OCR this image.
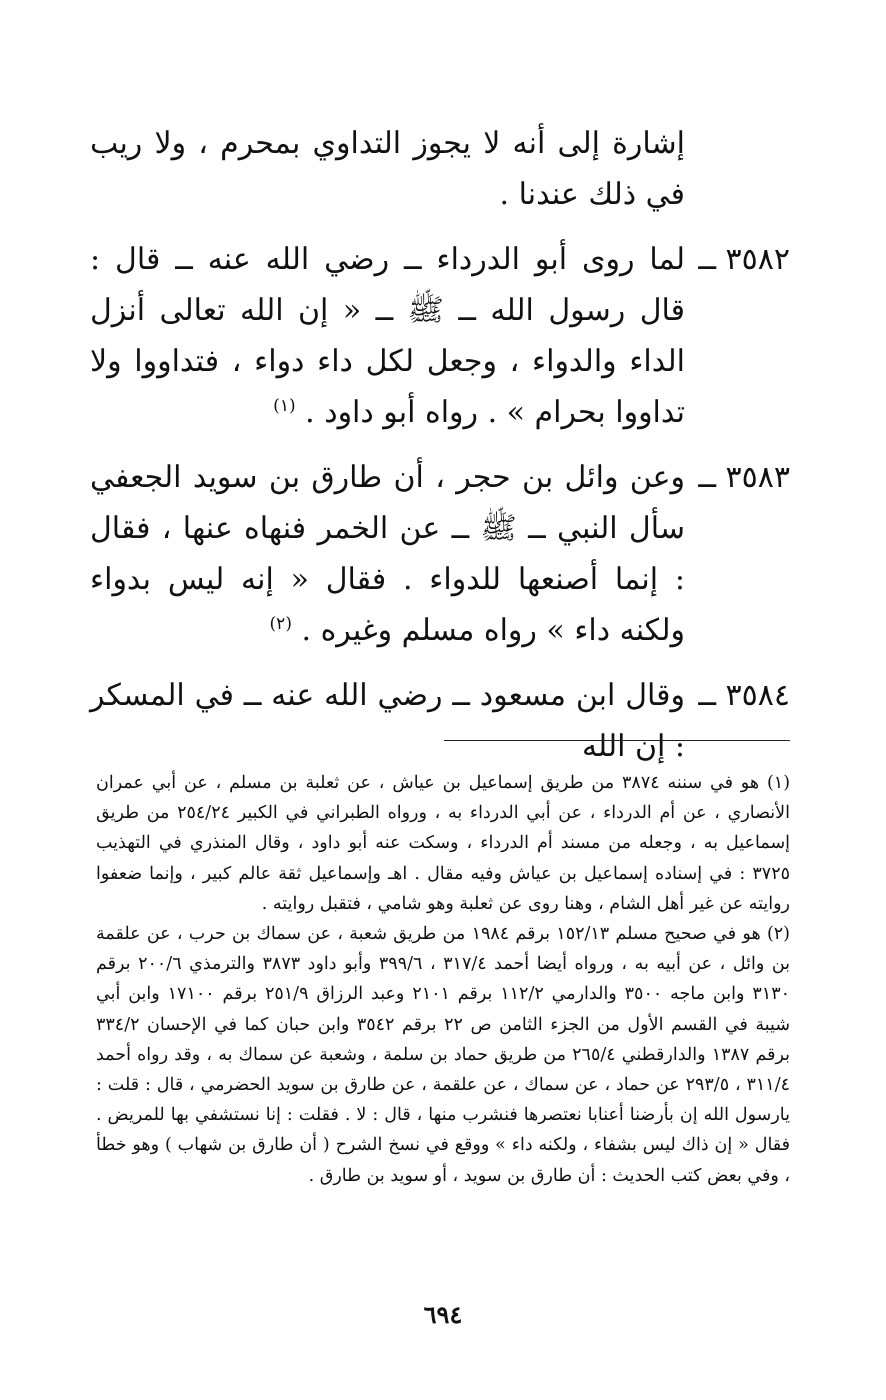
إشارة إلى أنه لا يجوز التداوي بمحرم ، ولا ريب في ذلك عندنا .

٣٥٨٢ ــ
لما روى أبو الدرداء ــ رضي الله عنه ــ قال : قال رسول الله ــ ﷺ ــ « إن الله تعالى أنزل الداء والدواء ، وجعل لكل داء دواء ، فتداووا ولا تداووا بحرام » . رواه أبو داود . $^{(١)}$

٣٥٨٣ ــ
وعن وائل بن حجر ، أن طارق بن سويد الجعفي سأل النبي ــ ﷺ ــ عن الخمر فنهاه عنها ، فقال : إنما أصنعها للدواء . فقال « إنه ليس بدواء ولكنه داء » رواه مسلم وغيره . $^{(٢)}$

٣٥٨٤ ــ
وقال ابن مسعود ــ رضي الله عنه ــ في المسكر : إن الله

(١) هو في سننه ٣٨٧٤ من طريق إسماعيل بن عياش ، عن ثعلبة بن مسلم ، عن أبي عمران الأنصاري ، عن أم الدرداء ، عن أبي الدرداء به ، ورواه الطبراني في الكبير ٢٥٤/٢٤ من طريق إسماعيل به ، وجعله من مسند أم الدرداء ، وسكت عنه أبو داود ، وقال المنذري في التهذيب ٣٧٢٥ : في إسناده إسماعيل بن عياش وفيه مقال . اهـ وإسماعيل ثقة عالم كبير ، وإنما ضعفوا روايته عن غير أهل الشام ، وهنا روى عن ثعلبة وهو شامي ، فتقبل روايته .

(٢) هو في صحيح مسلم ١٥٢/١٣ برقم ١٩٨٤ من طريق شعبة ، عن سماك بن حرب ، عن علقمة بن وائل ، عن أبيه به ، ورواه أيضا أحمد ٣١٧/٤ ، ٣٩٩/٦ وأبو داود ٣٨٧٣ والترمذي ٢٠٠/٦ برقم ٣١٣٠ وابن ماجه ٣٥٠٠ والدارمي ١١٢/٢ برقم ٢١٠١ وعبد الرزاق ٢٥١/٩ برقم ١٧١٠٠ وابن أبي شيبة في القسم الأول من الجزء الثامن ص ٢٢ برقم ٣٥٤٢ وابن حبان كما في الإحسان ٣٣٤/٢ برقم ١٣٨٧ والدارقطني ٢٦٥/٤ من طريق حماد بن سلمة ، وشعبة عن سماك به ، وقد رواه أحمد ٣١١/٤ ، ٢٩٣/٥ عن حماد ، عن سماك ، عن علقمة ، عن طارق بن سويد الحضرمي ، قال : قلت : يارسول الله إن بأرضنا أعنابا نعتصرها فنشرب منها ، قال : لا . فقلت : إنا نستشفي بها للمريض . فقال « إن ذاك ليس بشفاء ، ولكنه داء » ووقع في نسخ الشرح ( أن طارق بن شهاب ) وهو خطأ ، وفي بعض كتب الحديث : أن طارق بن سويد ، أو سويد بن طارق .

٦٩٤
